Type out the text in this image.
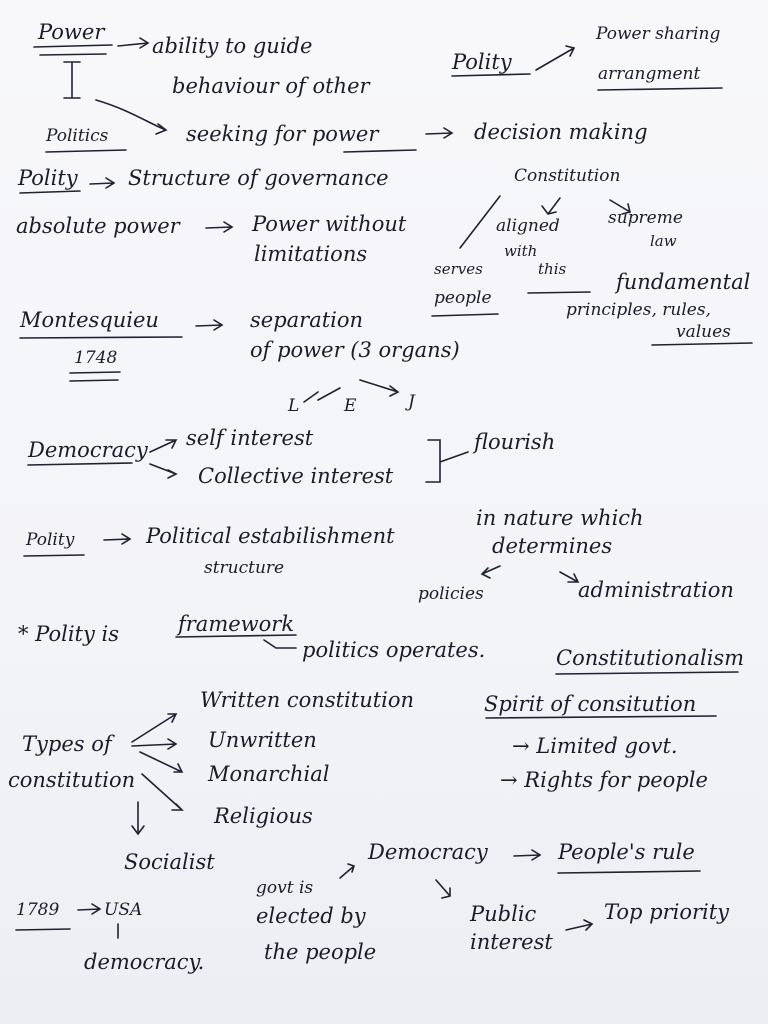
Power
ability to guide
behaviour of other
Polity
Power sharing
arrangment
Politics	seeking for power	decision making
Polity Structure of governance	Constitution
absolute power	Power without
limitations
aligned
with
this
supreme
law
serves
people
fundamental
principles, rules,
values
Montesquieu
1748
separation
of power (3 organs)
L	E	J
Democracy self interest
Collective interest
flourish
Polity	Political estabilishment
structure
in nature which
determines
policies	administration
* Polity is	framework
politics operates.	Constitutionalism
Spirit of consitution
→ Limited govt.
→ Rights for people
Types of
constitution
Written constitution
Unwritten
Monarchial
Religious
Socialist	Democracy	People's rule
1789	USA
democracy.
govt is
elected by
the people
Public
interest
Top priority
